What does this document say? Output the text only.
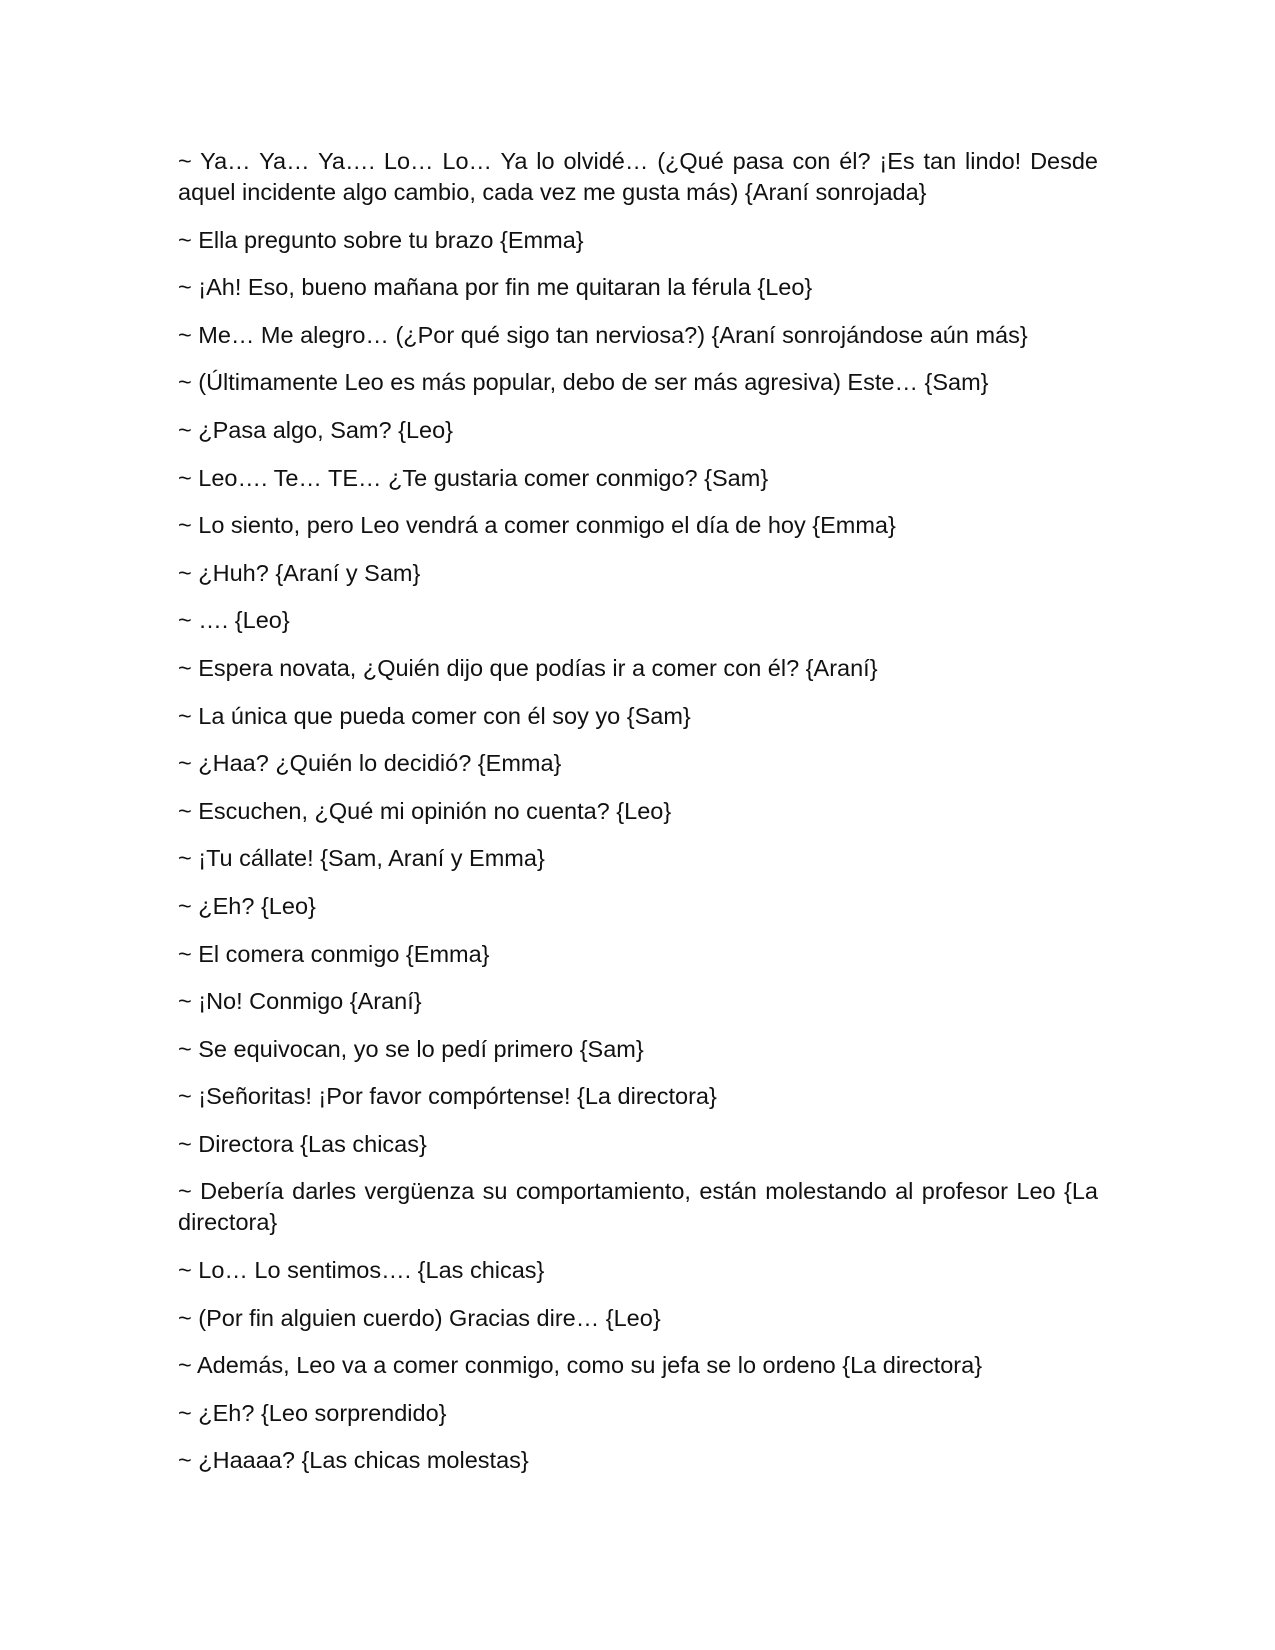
~ Ya… Ya… Ya…. Lo… Lo… Ya lo olvidé… (¿Qué pasa con él? ¡Es tan lindo! Desde aquel incidente algo cambio, cada vez me gusta más) {Araní sonrojada}

~ Ella pregunto sobre tu brazo {Emma}

~ ¡Ah! Eso, bueno mañana por fin me quitaran la férula {Leo}

~ Me… Me alegro… (¿Por qué sigo tan nerviosa?) {Araní sonrojándose aún más}

~ (Últimamente Leo es más popular, debo de ser más agresiva) Este… {Sam}

~ ¿Pasa algo, Sam? {Leo}

~ Leo…. Te… TE… ¿Te gustaria comer conmigo? {Sam}

~ Lo siento, pero Leo vendrá a comer conmigo el día de hoy {Emma}

~ ¿Huh? {Araní y Sam}

~ …. {Leo}

~ Espera novata, ¿Quién dijo que podías ir a comer con él? {Araní}

~ La única que pueda comer con él soy yo {Sam}

~ ¿Haa? ¿Quién lo decidió? {Emma}

~ Escuchen, ¿Qué mi opinión no cuenta? {Leo}

~ ¡Tu cállate! {Sam, Araní y Emma}

~ ¿Eh? {Leo}

~ El comera conmigo {Emma}

~ ¡No! Conmigo {Araní}

~ Se equivocan, yo se lo pedí primero {Sam}

~ ¡Señoritas! ¡Por favor compórtense! {La directora}

~ Directora {Las chicas}

~ Debería darles vergüenza su comportamiento, están molestando al profesor Leo {La directora}

~ Lo… Lo sentimos…. {Las chicas}

~ (Por fin alguien cuerdo) Gracias dire… {Leo}

~ Además, Leo va a comer conmigo, como su jefa se lo ordeno {La directora}

~ ¿Eh? {Leo sorprendido}

~ ¿Haaaa? {Las chicas molestas}
